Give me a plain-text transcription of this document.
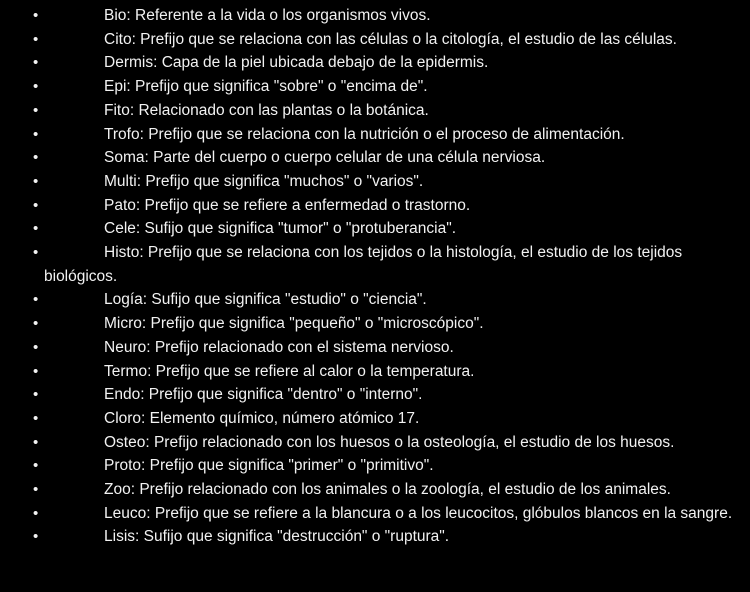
•	Bio: Referente a la vida o los organismos vivos.
•	Cito: Prefijo que se relaciona con las células o la citología, el estudio de las células.
•	Dermis: Capa de la piel ubicada debajo de la epidermis.
•	Epi: Prefijo que significa "sobre" o "encima de".
•	Fito: Relacionado con las plantas o la botánica.
•	Trofo: Prefijo que se relaciona con la nutrición o el proceso de alimentación.
•	Soma: Parte del cuerpo o cuerpo celular de una célula nerviosa.
•	Multi: Prefijo que significa "muchos" o "varios".
•	Pato: Prefijo que se refiere a enfermedad o trastorno.
•	Cele: Sufijo que significa "tumor" o "protuberancia".
•	Histo: Prefijo que se relaciona con los tejidos o la histología, el estudio de los tejidos biológicos.
•	Logía: Sufijo que significa "estudio" o "ciencia".
•	Micro: Prefijo que significa "pequeño" o "microscópico".
•	Neuro: Prefijo relacionado con el sistema nervioso.
•	Termo: Prefijo que se refiere al calor o la temperatura.
•	Endo: Prefijo que significa "dentro" o "interno".
•	Cloro: Elemento químico, número atómico 17.
•	Osteo: Prefijo relacionado con los huesos o la osteología, el estudio de los huesos.
•	Proto: Prefijo que significa "primer" o "primitivo".
•	Zoo: Prefijo relacionado con los animales o la zoología, el estudio de los animales.
•	Leuco: Prefijo que se refiere a la blancura o a los leucocitos, glóbulos blancos en la sangre.
•	Lisis: Sufijo que significa "destrucción" o "ruptura".
